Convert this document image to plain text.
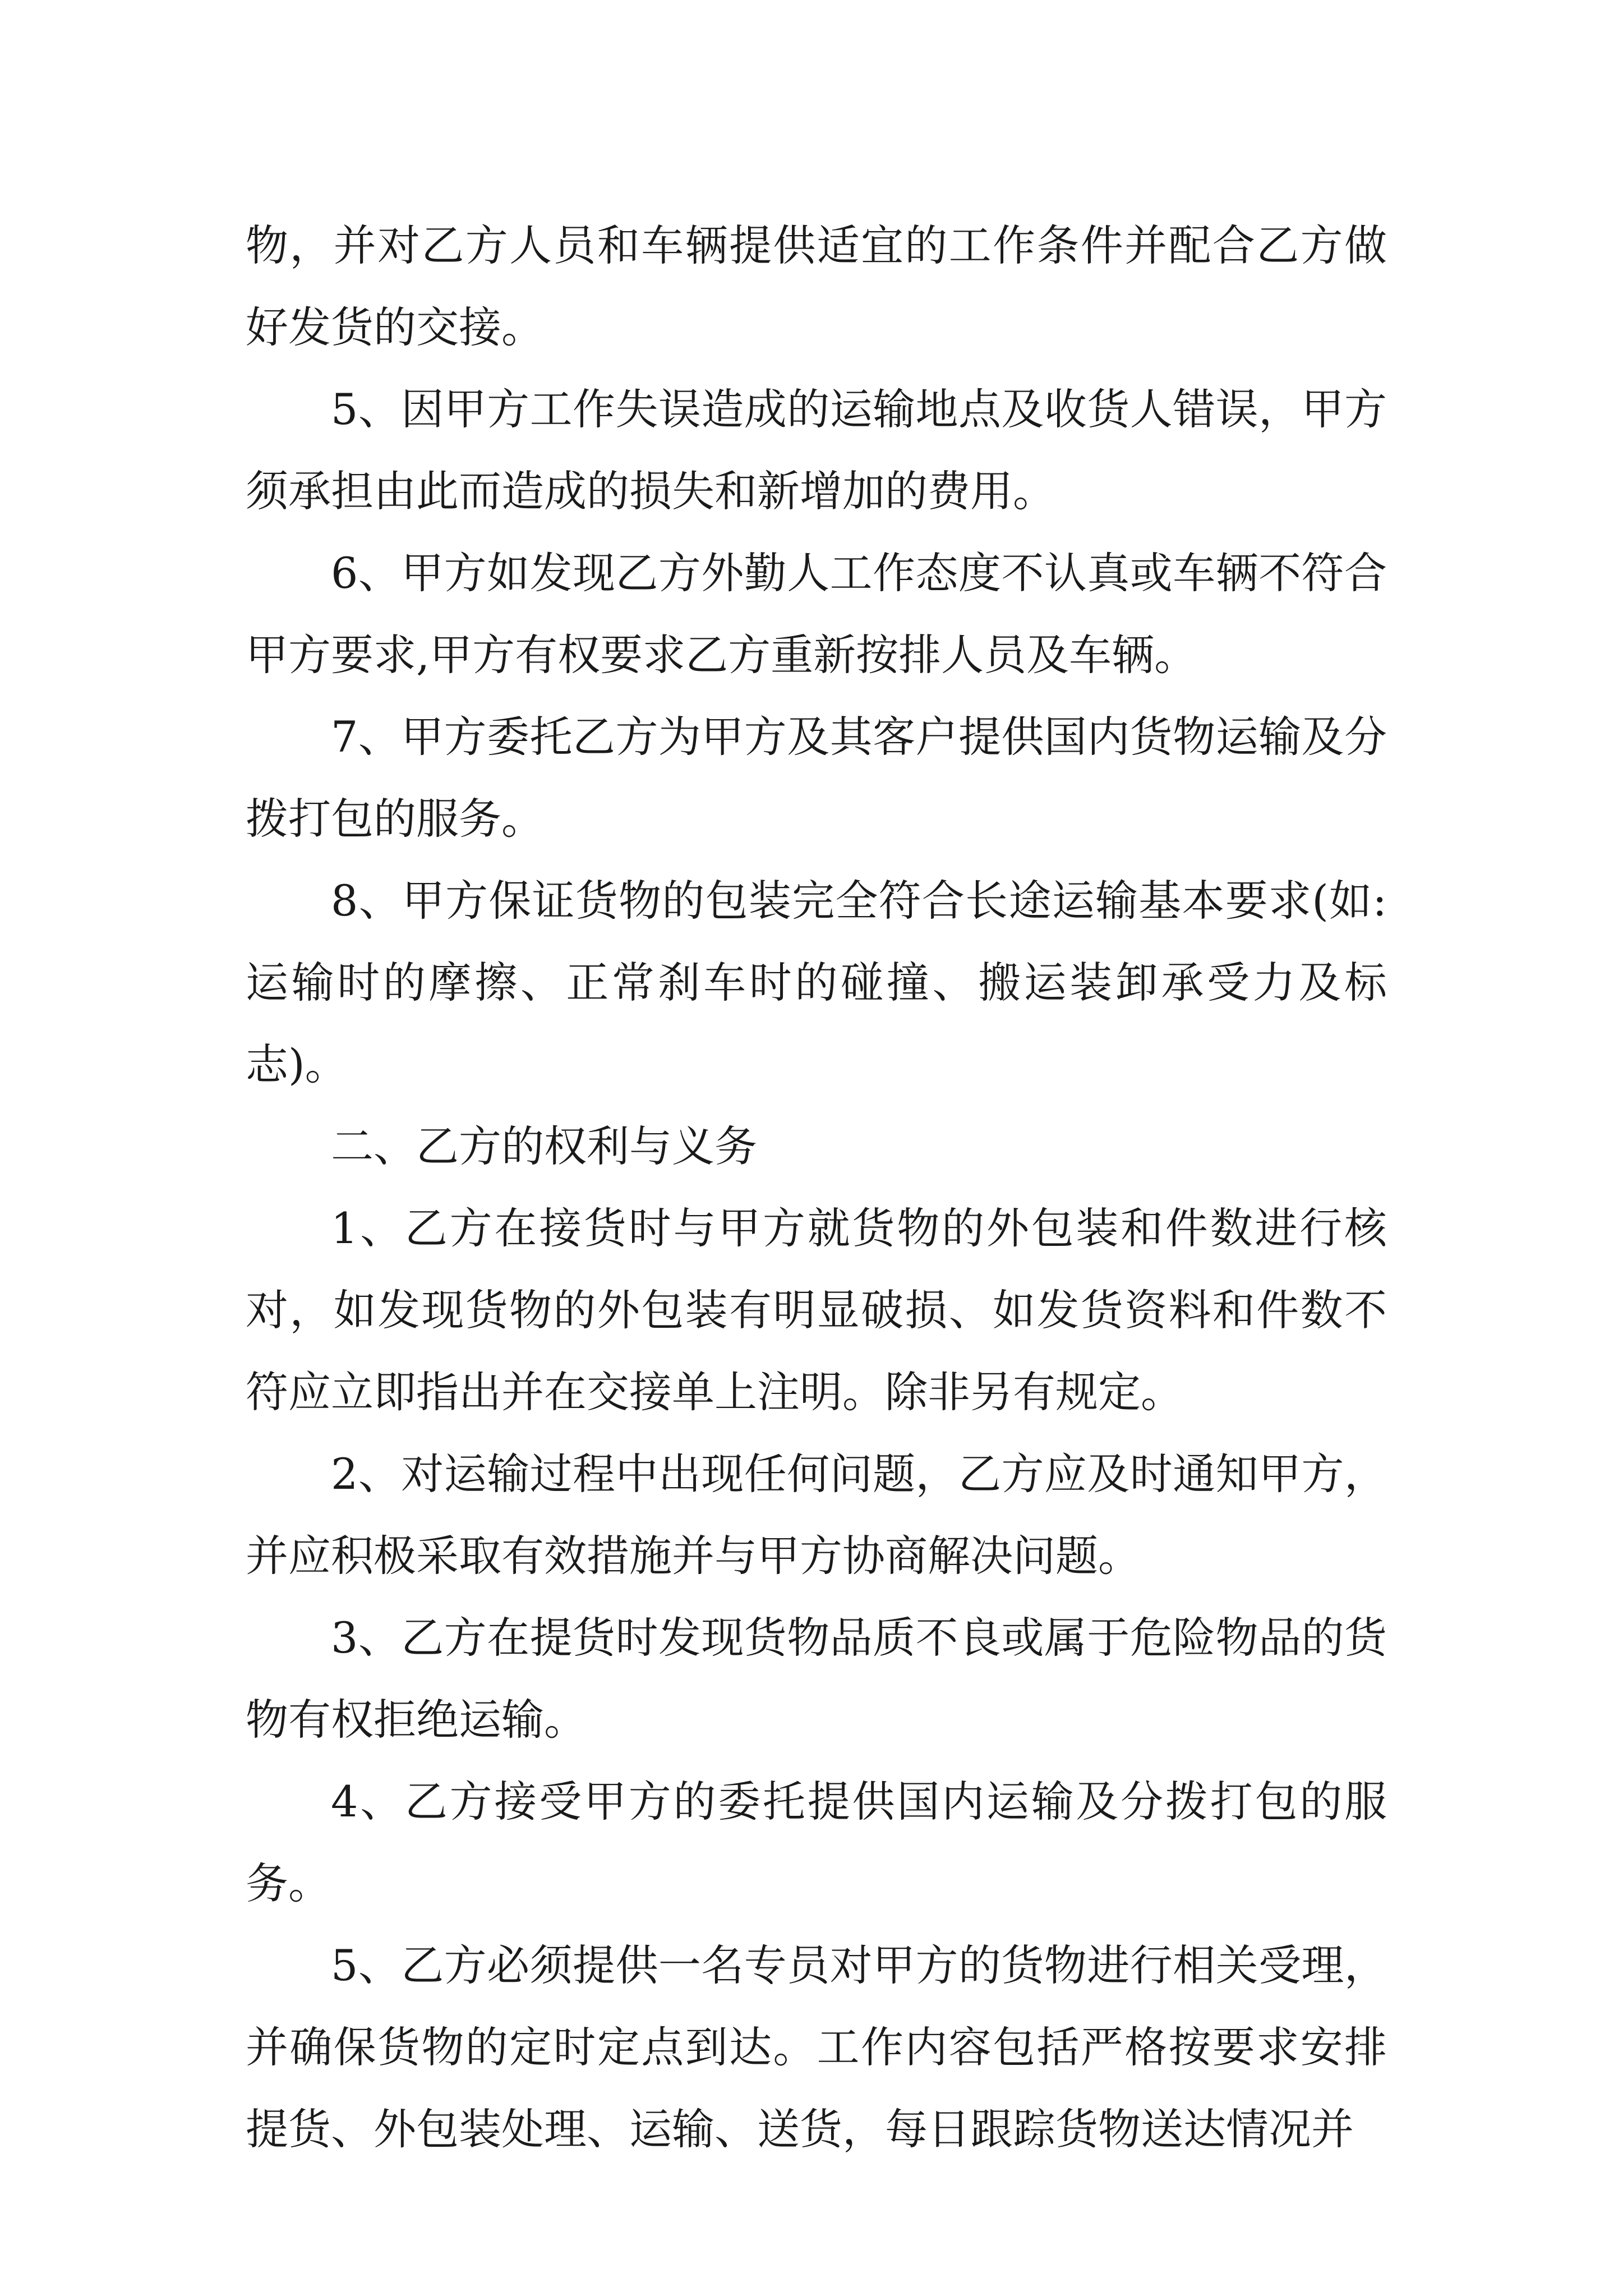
物，并对乙方人员和车辆提供适宜的工作条件并配合乙方做好发货的交接。

5、因甲方工作失误造成的运输地点及收货人错误，甲方须承担由此而造成的损失和新增加的费用。

6、甲方如发现乙方外勤人工作态度不认真或车辆不符合甲方要求,甲方有权要求乙方重新按排人员及车辆。

7、甲方委托乙方为甲方及其客户提供国内货物运输及分拨打包的服务。

8、甲方保证货物的包装完全符合长途运输基本要求(如:运输时的摩擦、正常刹车时的碰撞、搬运装卸承受力及标志)。

二、乙方的权利与义务

1、乙方在接货时与甲方就货物的外包装和件数进行核对，如发现货物的外包装有明显破损、如发货资料和件数不符应立即指出并在交接单上注明。除非另有规定。

2、对运输过程中出现任何问题，乙方应及时通知甲方，并应积极采取有效措施并与甲方协商解决问题。

3、乙方在提货时发现货物品质不良或属于危险物品的货物有权拒绝运输。

4、乙方接受甲方的委托提供国内运输及分拨打包的服务。

5、乙方必须提供一名专员对甲方的货物进行相关受理，并确保货物的定时定点到达。工作内容包括严格按要求安排提货、外包装处理、运输、送货，每日跟踪货物送达情况并
